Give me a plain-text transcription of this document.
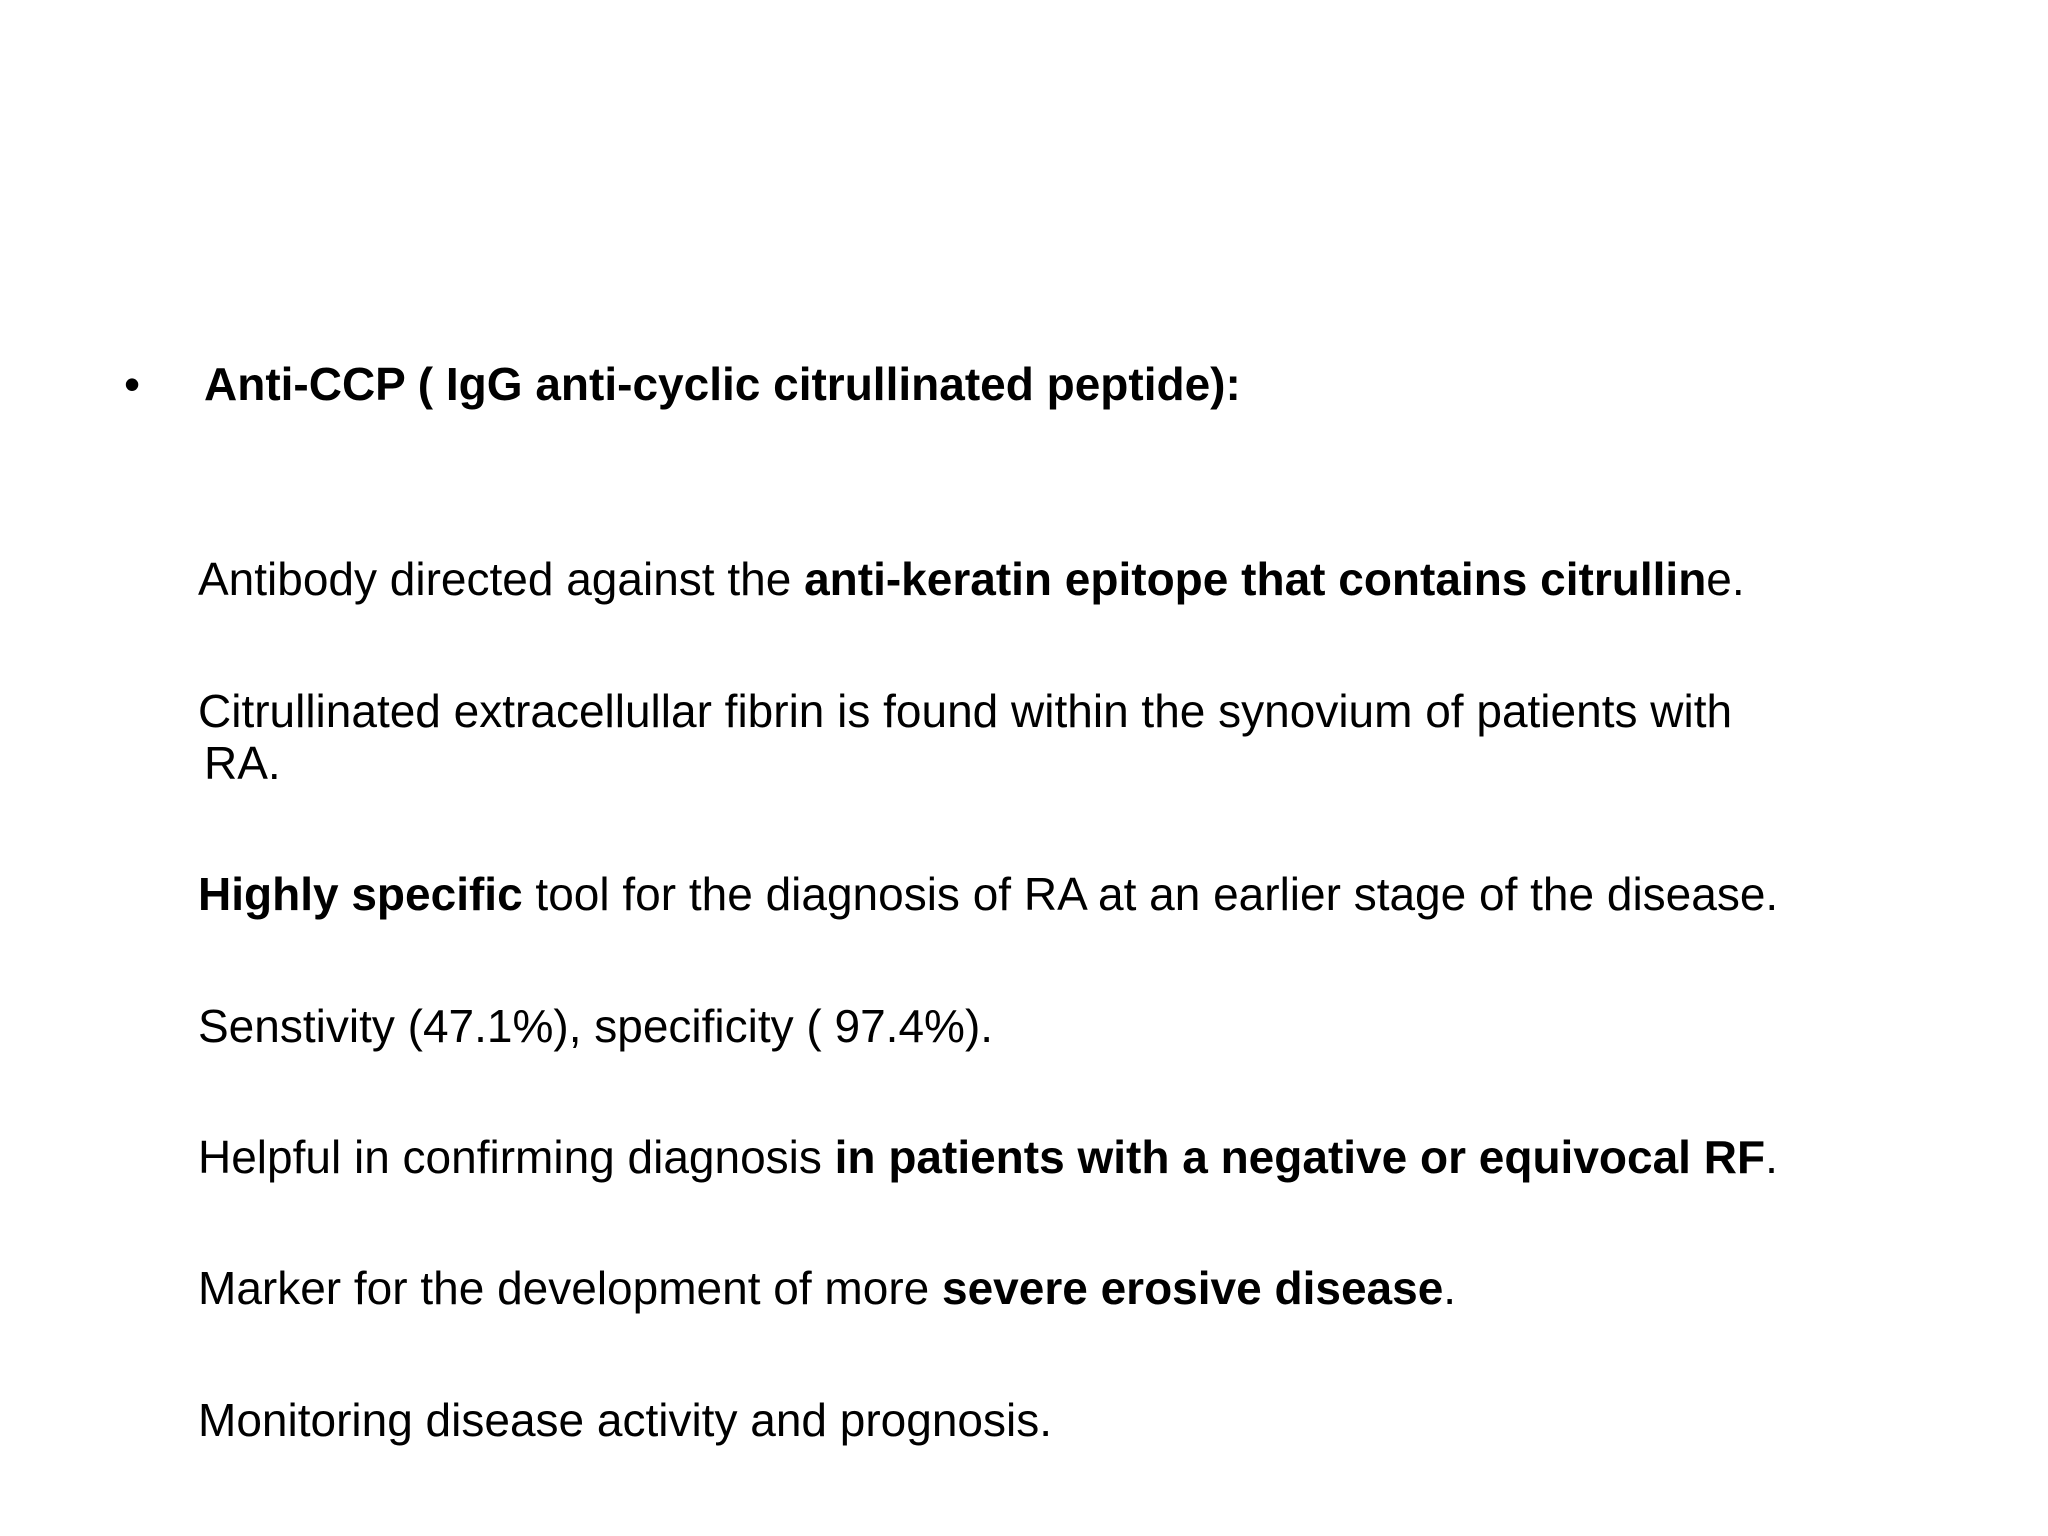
•	Anti-CCP ( IgG anti-cyclic citrullinated peptide):
Antibody directed against the anti-keratin epitope that contains citrulline.
Citrullinated extracellullar fibrin is found within the synovium of patients with
RA.
Highly specific tool for the diagnosis of RA at an earlier stage of the disease.
Senstivity (47.1%), specificity ( 97.4%).
Helpful in confirming diagnosis in patients with a negative or equivocal RF.
Marker for the development of more severe erosive disease.
Monitoring disease activity and prognosis.
